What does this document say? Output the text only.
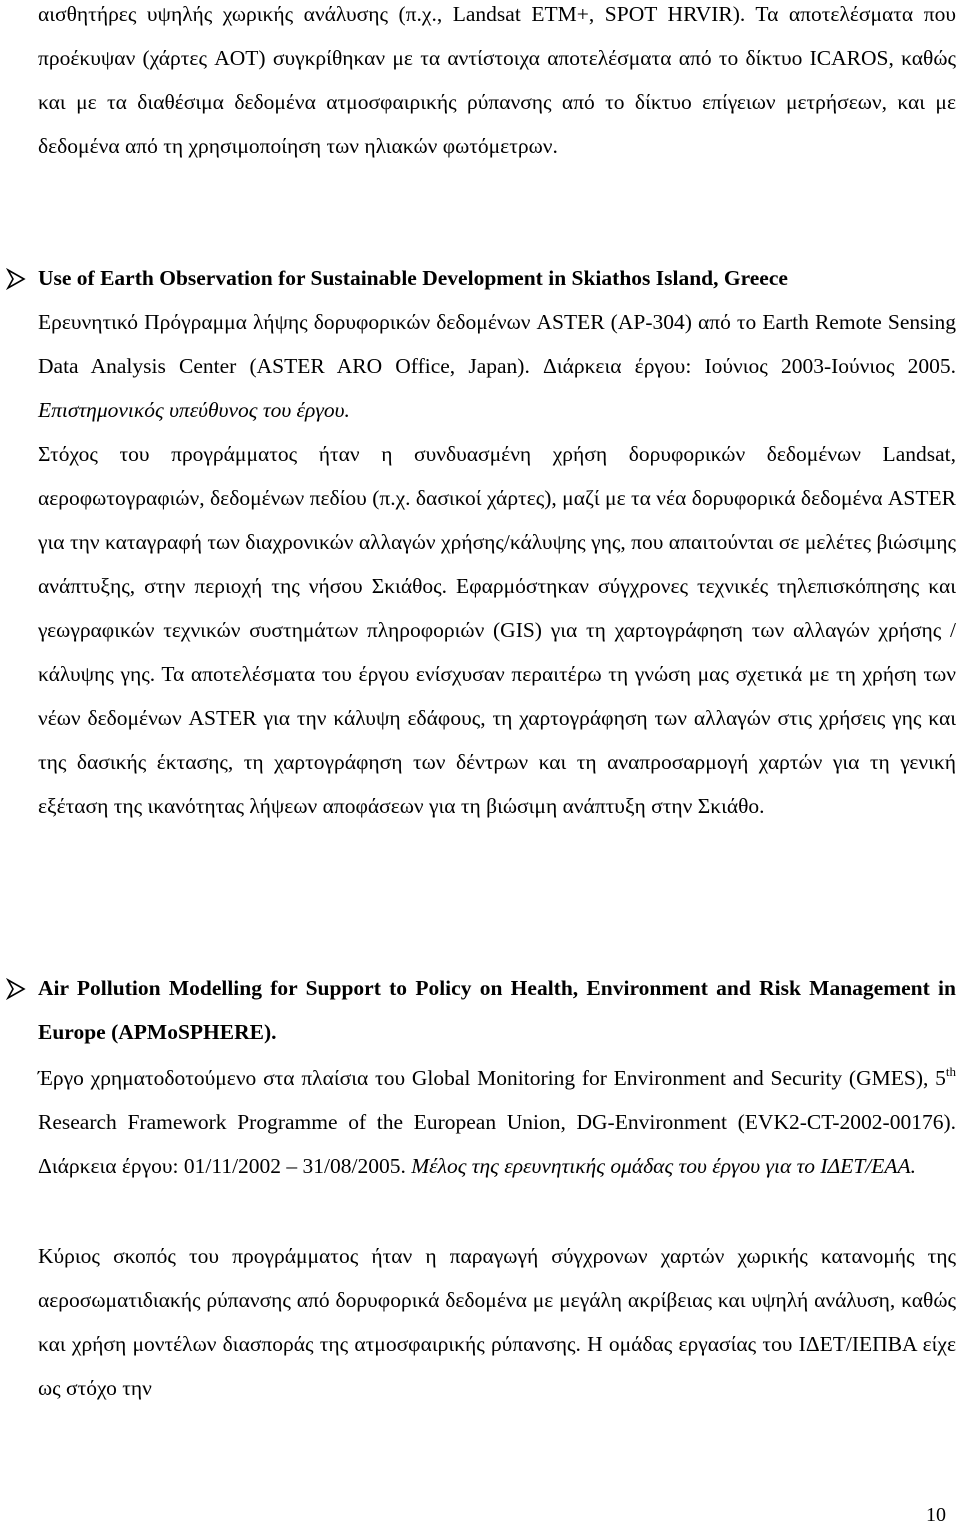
αισθητήρες υψηλής χωρικής ανάλυσης (π.χ., Landsat ETM+, SPOT HRVIR). Τα αποτελέσματα που προέκυψαν (χάρτες AOT) συγκρίθηκαν με τα αντίστοιχα αποτελέσματα από το δίκτυο ICAROS, καθώς και με τα διαθέσιμα δεδομένα ατμοσφαιρικής ρύπανσης από το δίκτυο επίγειων μετρήσεων, και με δεδομένα από τη χρησιμοποίηση των ηλιακών φωτόμετρων.
Use of Earth Observation for Sustainable Development in Skiathos Island, Greece
Ερευνητικό Πρόγραμμα λήψης δορυφορικών δεδομένων ASTER (AP-304) από το Earth Remote Sensing Data Analysis Center (ASTER ARO Office, Japan). Διάρκεια έργου: Ιούνιος 2003-Ιούνιος 2005. Επιστημονικός υπεύθυνος του έργου.
Στόχος του προγράμματος ήταν η συνδυασμένη χρήση δορυφορικών δεδομένων Landsat, αεροφωτογραφιών, δεδομένων πεδίου (π.χ. δασικοί χάρτες), μαζί με τα νέα δορυφορικά δεδομένα ASTER για την καταγραφή των διαχρονικών αλλαγών χρήσης/κάλυψης γης, που απαιτούνται σε μελέτες βιώσιμης ανάπτυξης, στην περιοχή της νήσου Σκιάθος. Εφαρμόστηκαν σύγχρονες τεχνικές τηλεπισκόπησης και γεωγραφικών τεχνικών συστημάτων πληροφοριών (GIS) για τη χαρτογράφηση των αλλαγών χρήσης /κάλυψης γης. Τα αποτελέσματα του έργου ενίσχυσαν περαιτέρω τη γνώση μας σχετικά με τη χρήση των νέων δεδομένων ASTER για την κάλυψη εδάφους, τη χαρτογράφηση των αλλαγών στις χρήσεις γης και της δασικής έκτασης, τη χαρτογράφηση των δέντρων και τη αναπροσαρμογή χαρτών για τη γενική εξέταση της ικανότητας λήψεων αποφάσεων για τη βιώσιμη ανάπτυξη στην Σκιάθο.
Air Pollution Modelling for Support to Policy on Health, Environment and Risk Management in Europe (APMoSPHERE).
Έργο χρηματοδοτούμενο στα πλαίσια του Global Monitoring for Environment and Security (GMES), 5th Research Framework Programme of the European Union, DG-Environment (EVK2-CT-2002-00176). Διάρκεια έργου: 01/11/2002 – 31/08/2005. Μέλος της ερευνητικής ομάδας του έργου για το ΙΔΕΤ/ΕΑΑ.
Κύριος σκοπός του προγράμματος ήταν η παραγωγή σύγχρονων χαρτών χωρικής κατανομής της αεροσωματιδιακής ρύπανσης από δορυφορικά δεδομένα με μεγάλη ακρίβειας και υψηλή ανάλυση, καθώς και χρήση μοντέλων διασποράς της ατμοσφαιρικής ρύπανσης. Η ομάδας εργασίας του ΙΔΕΤ/ΙΕΠΒΑ είχε ως στόχο την
10
